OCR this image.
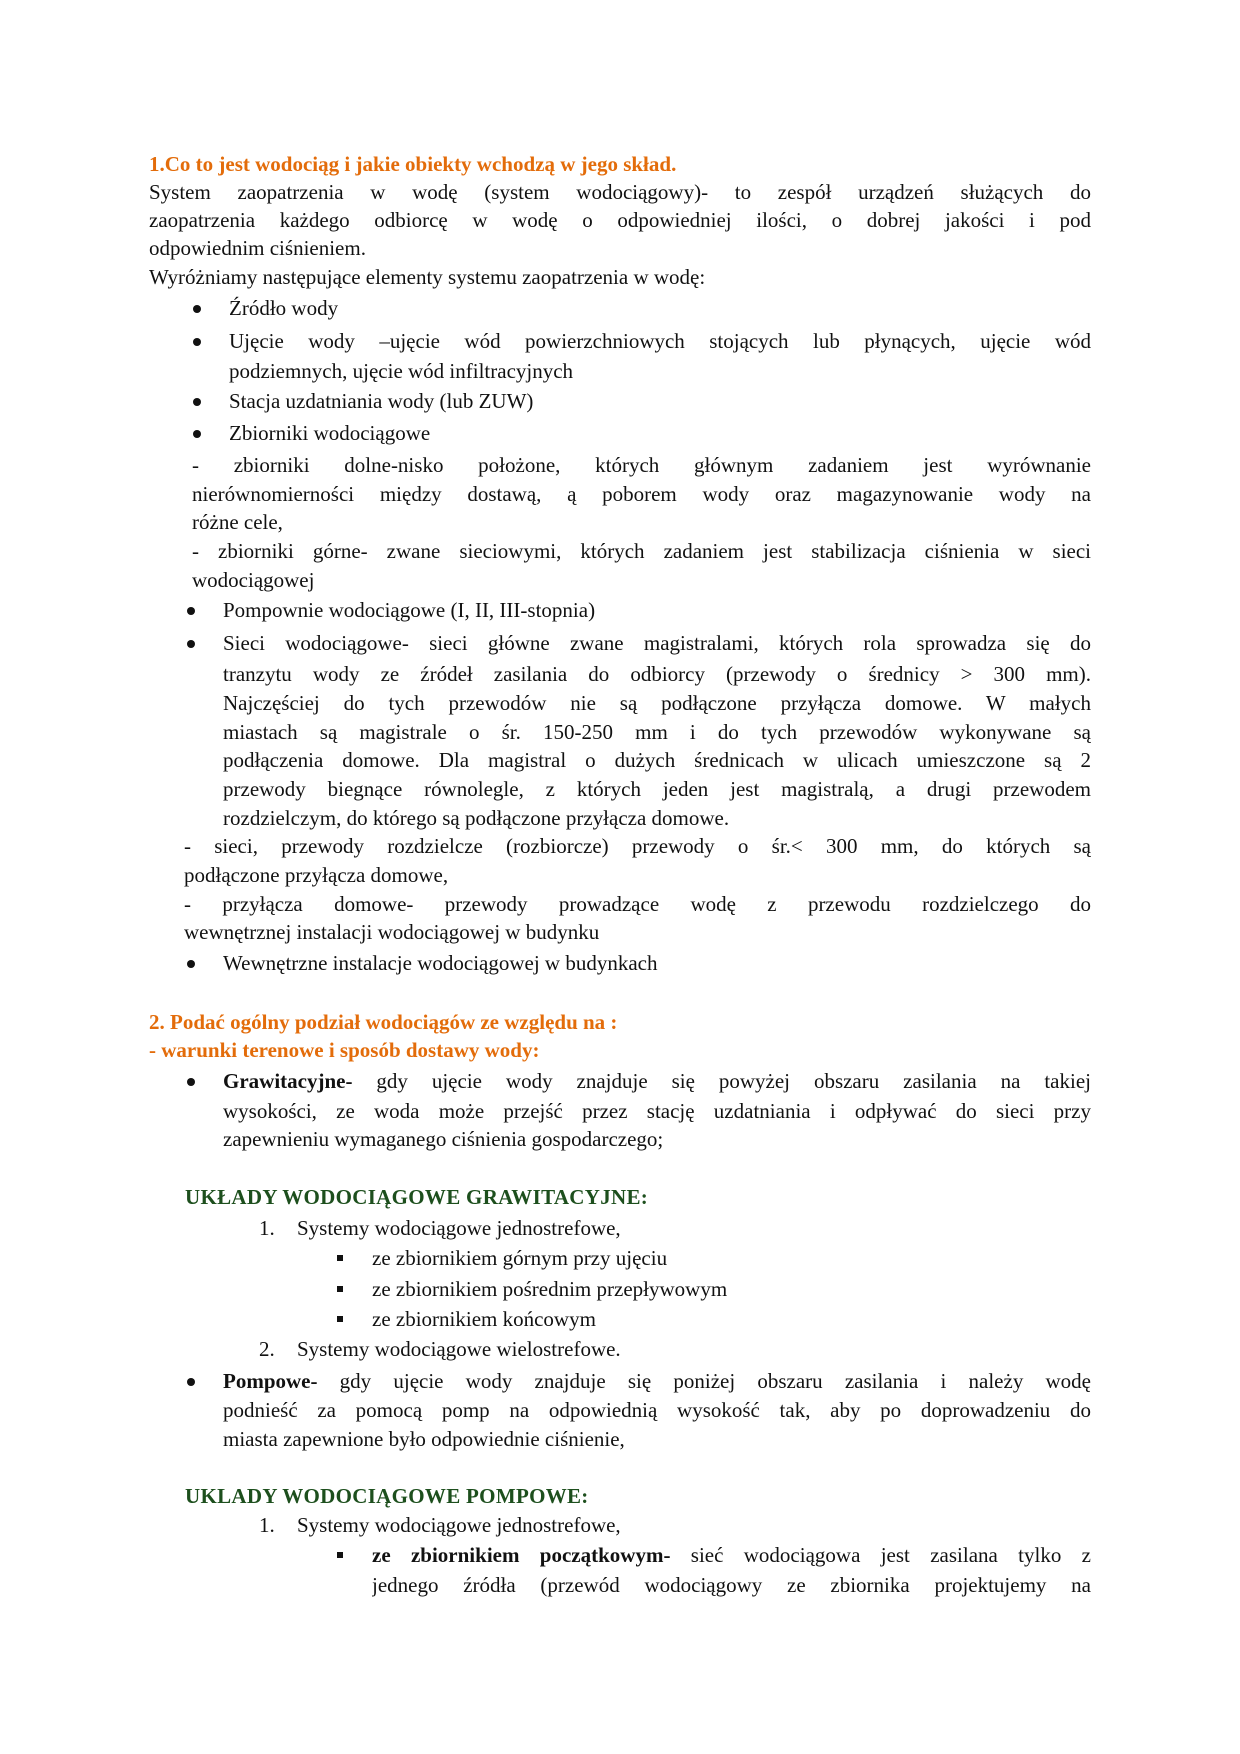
1.Co to jest wodociąg i jakie obiekty wchodzą w jego skład.
System zaopatrzenia w wodę (system wodociągowy)- to zespół urządzeń służących do
zaopatrzenia każdego odbiorcę w wodę o odpowiedniej ilości, o dobrej jakości i pod
odpowiednim ciśnieniem.
Wyróżniamy następujące elementy systemu zaopatrzenia w wodę:
Źródło wody
Ujęcie wody –ujęcie wód powierzchniowych stojących lub płynących, ujęcie wód
podziemnych, ujęcie wód infiltracyjnych
Stacja uzdatniania wody (lub ZUW)
Zbiorniki wodociągowe
- zbiorniki dolne-nisko położone, których głównym zadaniem jest wyrównanie
nierównomierności między dostawą, ą poborem wody oraz magazynowanie wody na
różne cele,
- zbiorniki górne- zwane sieciowymi, których zadaniem jest stabilizacja ciśnienia w sieci
wodociągowej
Pompownie wodociągowe (I, II, III-stopnia)
Sieci wodociągowe- sieci główne zwane magistralami, których rola sprowadza się do
tranzytu wody ze źródeł zasilania do odbiorcy (przewody o średnicy > 300 mm).
Najczęściej do tych przewodów nie są podłączone przyłącza domowe. W małych
miastach są magistrale o śr. 150-250 mm i do tych przewodów wykonywane są
podłączenia domowe. Dla magistral o dużych średnicach w ulicach umieszczone są 2
przewody biegnące równolegle, z których jeden jest magistralą, a drugi przewodem
rozdzielczym, do którego są podłączone przyłącza domowe.
- sieci, przewody rozdzielcze (rozbiorcze) przewody o śr.< 300 mm, do których są
podłączone przyłącza domowe,
- przyłącza domowe- przewody prowadzące wodę z przewodu rozdzielczego do
wewnętrznej instalacji wodociągowej w budynku
Wewnętrzne instalacje wodociągowej w budynkach
2. Podać ogólny podział wodociągów ze względu na :
- warunki terenowe i sposób dostawy wody:
Grawitacyjne- gdy ujęcie wody znajduje się powyżej obszaru zasilania na takiej
wysokości, ze woda może przejść przez stację uzdatniania i odpływać do sieci przy
zapewnieniu wymaganego ciśnienia gospodarczego;
UKŁADY WODOCIĄGOWE GRAWITACYJNE:
1. Systemy wodociągowe jednostrefowe,
ze zbiornikiem górnym przy ujęciu
ze zbiornikiem pośrednim przepływowym
ze zbiornikiem końcowym
2. Systemy wodociągowe wielostrefowe.
Pompowe- gdy ujęcie wody znajduje się poniżej obszaru zasilania i należy wodę
podnieść za pomocą pomp na odpowiednią wysokość tak, aby po doprowadzeniu do
miasta zapewnione było odpowiednie ciśnienie,
UKLADY WODOCIĄGOWE POMPOWE:
1. Systemy wodociągowe jednostrefowe,
ze zbiornikiem początkowym- sieć wodociągowa jest zasilana tylko z
jednego źródła (przewód wodociągowy ze zbiornika projektujemy na
